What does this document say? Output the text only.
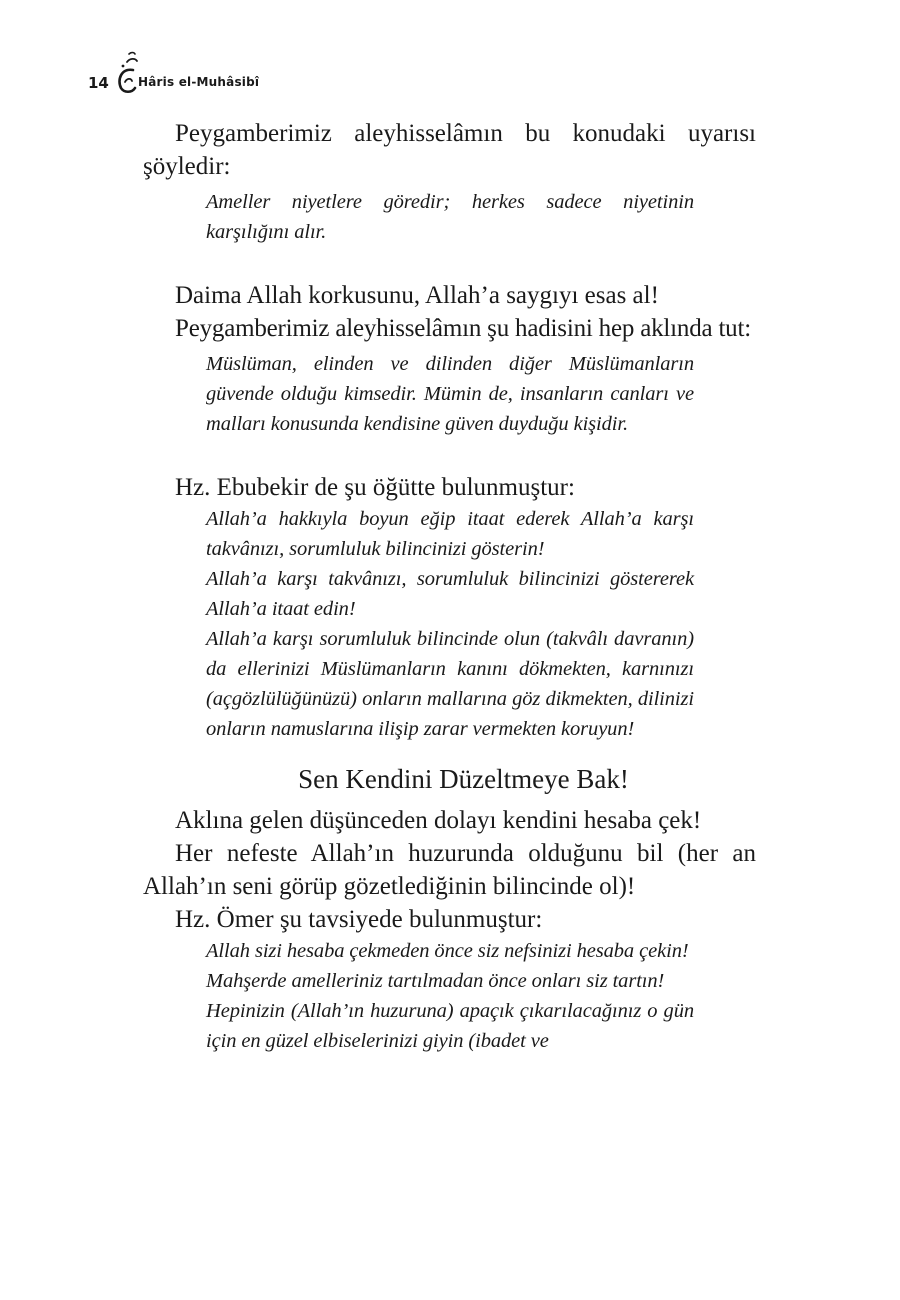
14 Hâris el-Muhâsibî

Peygamberimiz aleyhisselâmın bu konudaki uyarısı şöyledir:

Ameller niyetlere göredir; herkes sadece niyetinin karşılığını alır.

Daima Allah korkusunu, Allah’a saygıyı esas al!

Peygamberimiz aleyhisselâmın şu hadisini hep aklında tut:

Müslüman, elinden ve dilinden diğer Müslümanların güvende olduğu kimsedir. Mümin de, insanların canları ve malları konusunda kendisine güven duyduğu kişidir.

Hz. Ebubekir de şu öğütte bulunmuştur:

Allah’a hakkıyla boyun eğip itaat ederek Allah’a karşı takvânızı, sorumluluk bilincinizi gösterin!

Allah’a karşı takvânızı, sorumluluk bilincinizi göstererek Allah’a itaat edin!

Allah’a karşı sorumluluk bilincinde olun (takvâlı davranın) da ellerinizi Müslümanların kanını dökmekten, karnınızı (açgözlülüğünüzü) onların mallarına göz dikmekten, dilinizi onların namuslarına ilişip zarar vermekten koruyun!

Sen Kendini Düzeltmeye Bak!

Aklına gelen düşünceden dolayı kendini hesaba çek!

Her nefeste Allah’ın huzurunda olduğunu bil (her an Allah’ın seni görüp gözetlediğinin bilincinde ol)!

Hz. Ömer şu tavsiyede bulunmuştur:

Allah sizi hesaba çekmeden önce siz nefsinizi hesaba çekin!

Mahşerde amelleriniz tartılmadan önce onları siz tartın!

Hepinizin (Allah’ın huzuruna) apaçık çıkarılacağınız o gün için en güzel elbiselerinizi giyin (ibadet ve
